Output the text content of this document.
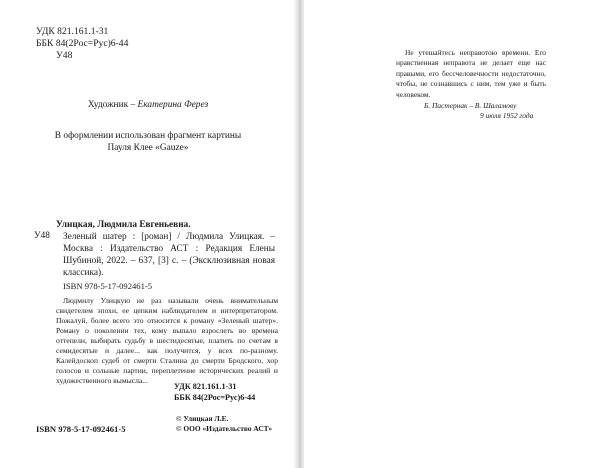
УДК 821.161.1-31
ББК 84(2Рос=Рус)6-44
У48
Художник – Екатерина Ферез
В оформлении использован фрагмент картины
Пауля Клее «Gauze»
Улицкая, Людмила Евгеньевна.
У48 Зеленый шатер : [роман] / Людмила Улицкая. – Москва : Издательство АСТ : Редакция Елены Шубиной, 2022. – 637, [3] с. – (Эксклюзивная новая классика).
ISBN 978-5-17-092461-5
Людмилу Улицкую не раз называли очень внимательным свидетелем эпохи, ее цепким наблюдателем и интерпретатором. Пожалуй, более всего это относится к роману «Зеленый шатер». Роману о поколении тех, кому выпало взрослеть во времена оттепели, выбирать судьбу в шестидесятые, платить по счетам в семидесятые и далее... как получится, у всех по-разному. Калейдоскоп судеб от смерти Сталина до смерти Бродского, хор голосов и сольные партии, переплетение исторических реалий и художественного вымысла...
УДК 821.161.1-31
ББК 84(2Рос=Рус)6-44
ISBN 978-5-17-092461-5
© Улицкая Л.Е.
© ООО «Издательство АСТ»
Не утешайтесь неправотою времени. Его нравственная неправота не делает еще нас правыми, его бессчеловечности недостаточно, чтобы, не сознавшись с ним, тем уже и быть человеком.
Б. Пастернак – В. Шаламову
9 июля 1952 года
